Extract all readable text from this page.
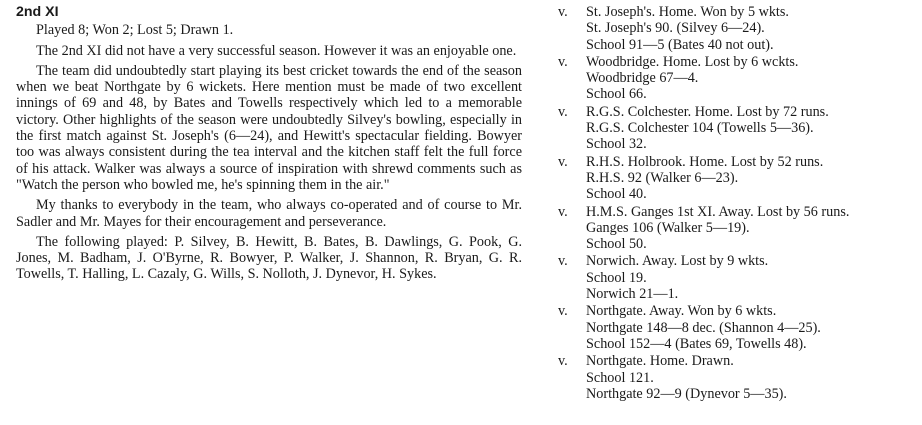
2nd XI

Played 8; Won 2; Lost 5; Drawn 1.

The 2nd XI did not have a very successful season. However it was an enjoyable one.

The team did undoubtedly start playing its best cricket towards the end of the season when we beat Northgate by 6 wickets. Here mention must be made of two excellent innings of 69 and 48, by Bates and Towells respectively which led to a memorable victory. Other highlights of the season were undoubtedly Silvey's bowling, especially in the first match against St. Joseph's (6—24), and Hewitt's spectacular fielding. Bowyer too was always consistent during the tea interval and the kitchen staff felt the full force of his attack. Walker was always a source of inspiration with shrewd comments such as "Watch the person who bowled me, he's spinning them in the air."

My thanks to everybody in the team, who always co-operated and of course to Mr. Sadler and Mr. Mayes for their encouragement and perseverance.

The following played: P. Silvey, B. Hewitt, B. Bates, B. Dawlings, G. Pook, G. Jones, M. Badham, J. O'Byrne, R. Bowyer, P. Walker, J. Shannon, R. Bryan, G. R. Towells, T. Halling, L. Cazaly, G. Wills, S. Nolloth, J. Dynevor, H. Sykes.

v.	St. Joseph's. Home. Won by 5 wkts.
St. Joseph's 90. (Silvey 6—24).
School 91—5 (Bates 40 not out).
v.	Woodbridge. Home. Lost by 6 wckts.
Woodbridge 67—4.
School 66.
v.	R.G.S. Colchester. Home. Lost by 72 runs.
R.G.S. Colchester 104 (Towells 5—36).
School 32.
v.	R.H.S. Holbrook. Home. Lost by 52 runs.
R.H.S. 92 (Walker 6—23).
School 40.
v.	H.M.S. Ganges 1st XI. Away. Lost by 56 runs.
Ganges 106 (Walker 5—19).
School 50.
v.	Norwich. Away. Lost by 9 wkts.
School 19.
Norwich 21—1.
v.	Northgate. Away. Won by 6 wkts.
Northgate 148—8 dec. (Shannon 4—25).
School 152—4 (Bates 69, Towells 48).
v.	Northgate. Home. Drawn.
School 121.
Northgate 92—9 (Dynevor 5—35).
